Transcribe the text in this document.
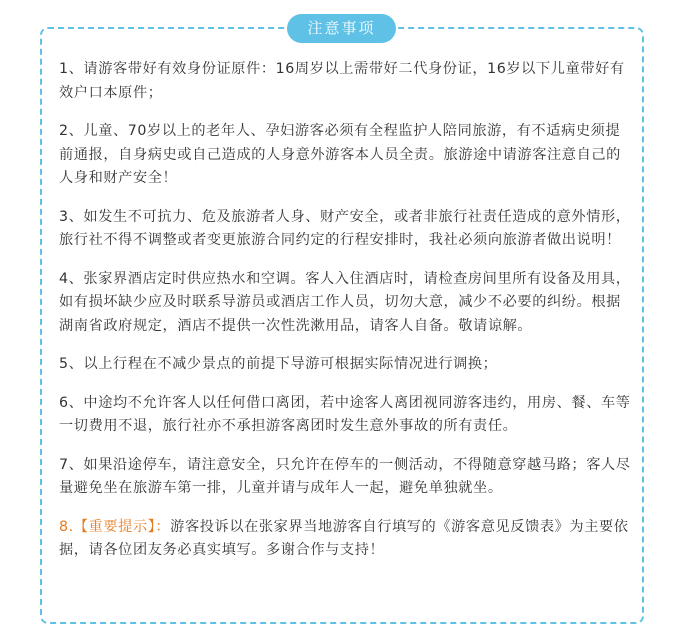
注意事项

1、请游客带好有效身份证原件：16周岁以上需带好二代身份证，16岁以下儿童带好有效户口本原件；

2、儿童、70岁以上的老年人、孕妇游客必须有全程监护人陪同旅游，有不适病史须提前通报，自身病史或自己造成的人身意外游客本人员全责。旅游途中请游客注意自己的人身和财产安全！

3、如发生不可抗力、危及旅游者人身、财产安全，或者非旅行社责任造成的意外情形，旅行社不得不调整或者变更旅游合同约定的行程安排时，我社必须向旅游者做出说明！

4、张家界酒店定时供应热水和空调。客人入住酒店时，请检查房间里所有设备及用具，如有损坏缺少应及时联系导游员或酒店工作人员，切勿大意，减少不必要的纠纷。根据湖南省政府规定，酒店不提供一次性洗漱用品，请客人自备。敬请谅解。

5、以上行程在不减少景点的前提下导游可根据实际情况进行调换；

6、中途均不允许客人以任何借口离团，若中途客人离团视同游客违约，用房、餐、车等一切费用不退，旅行社亦不承担游客离团时发生意外事故的所有责任。

7、如果沿途停车，请注意安全，只允许在停车的一侧活动，不得随意穿越马路；客人尽量避免坐在旅游车第一排，儿童并请与成年人一起，避免单独就坐。

8.【重要提示】：游客投诉以在张家界当地游客自行填写的《游客意见反馈表》为主要依据，请各位团友务必真实填写。多谢合作与支持！
